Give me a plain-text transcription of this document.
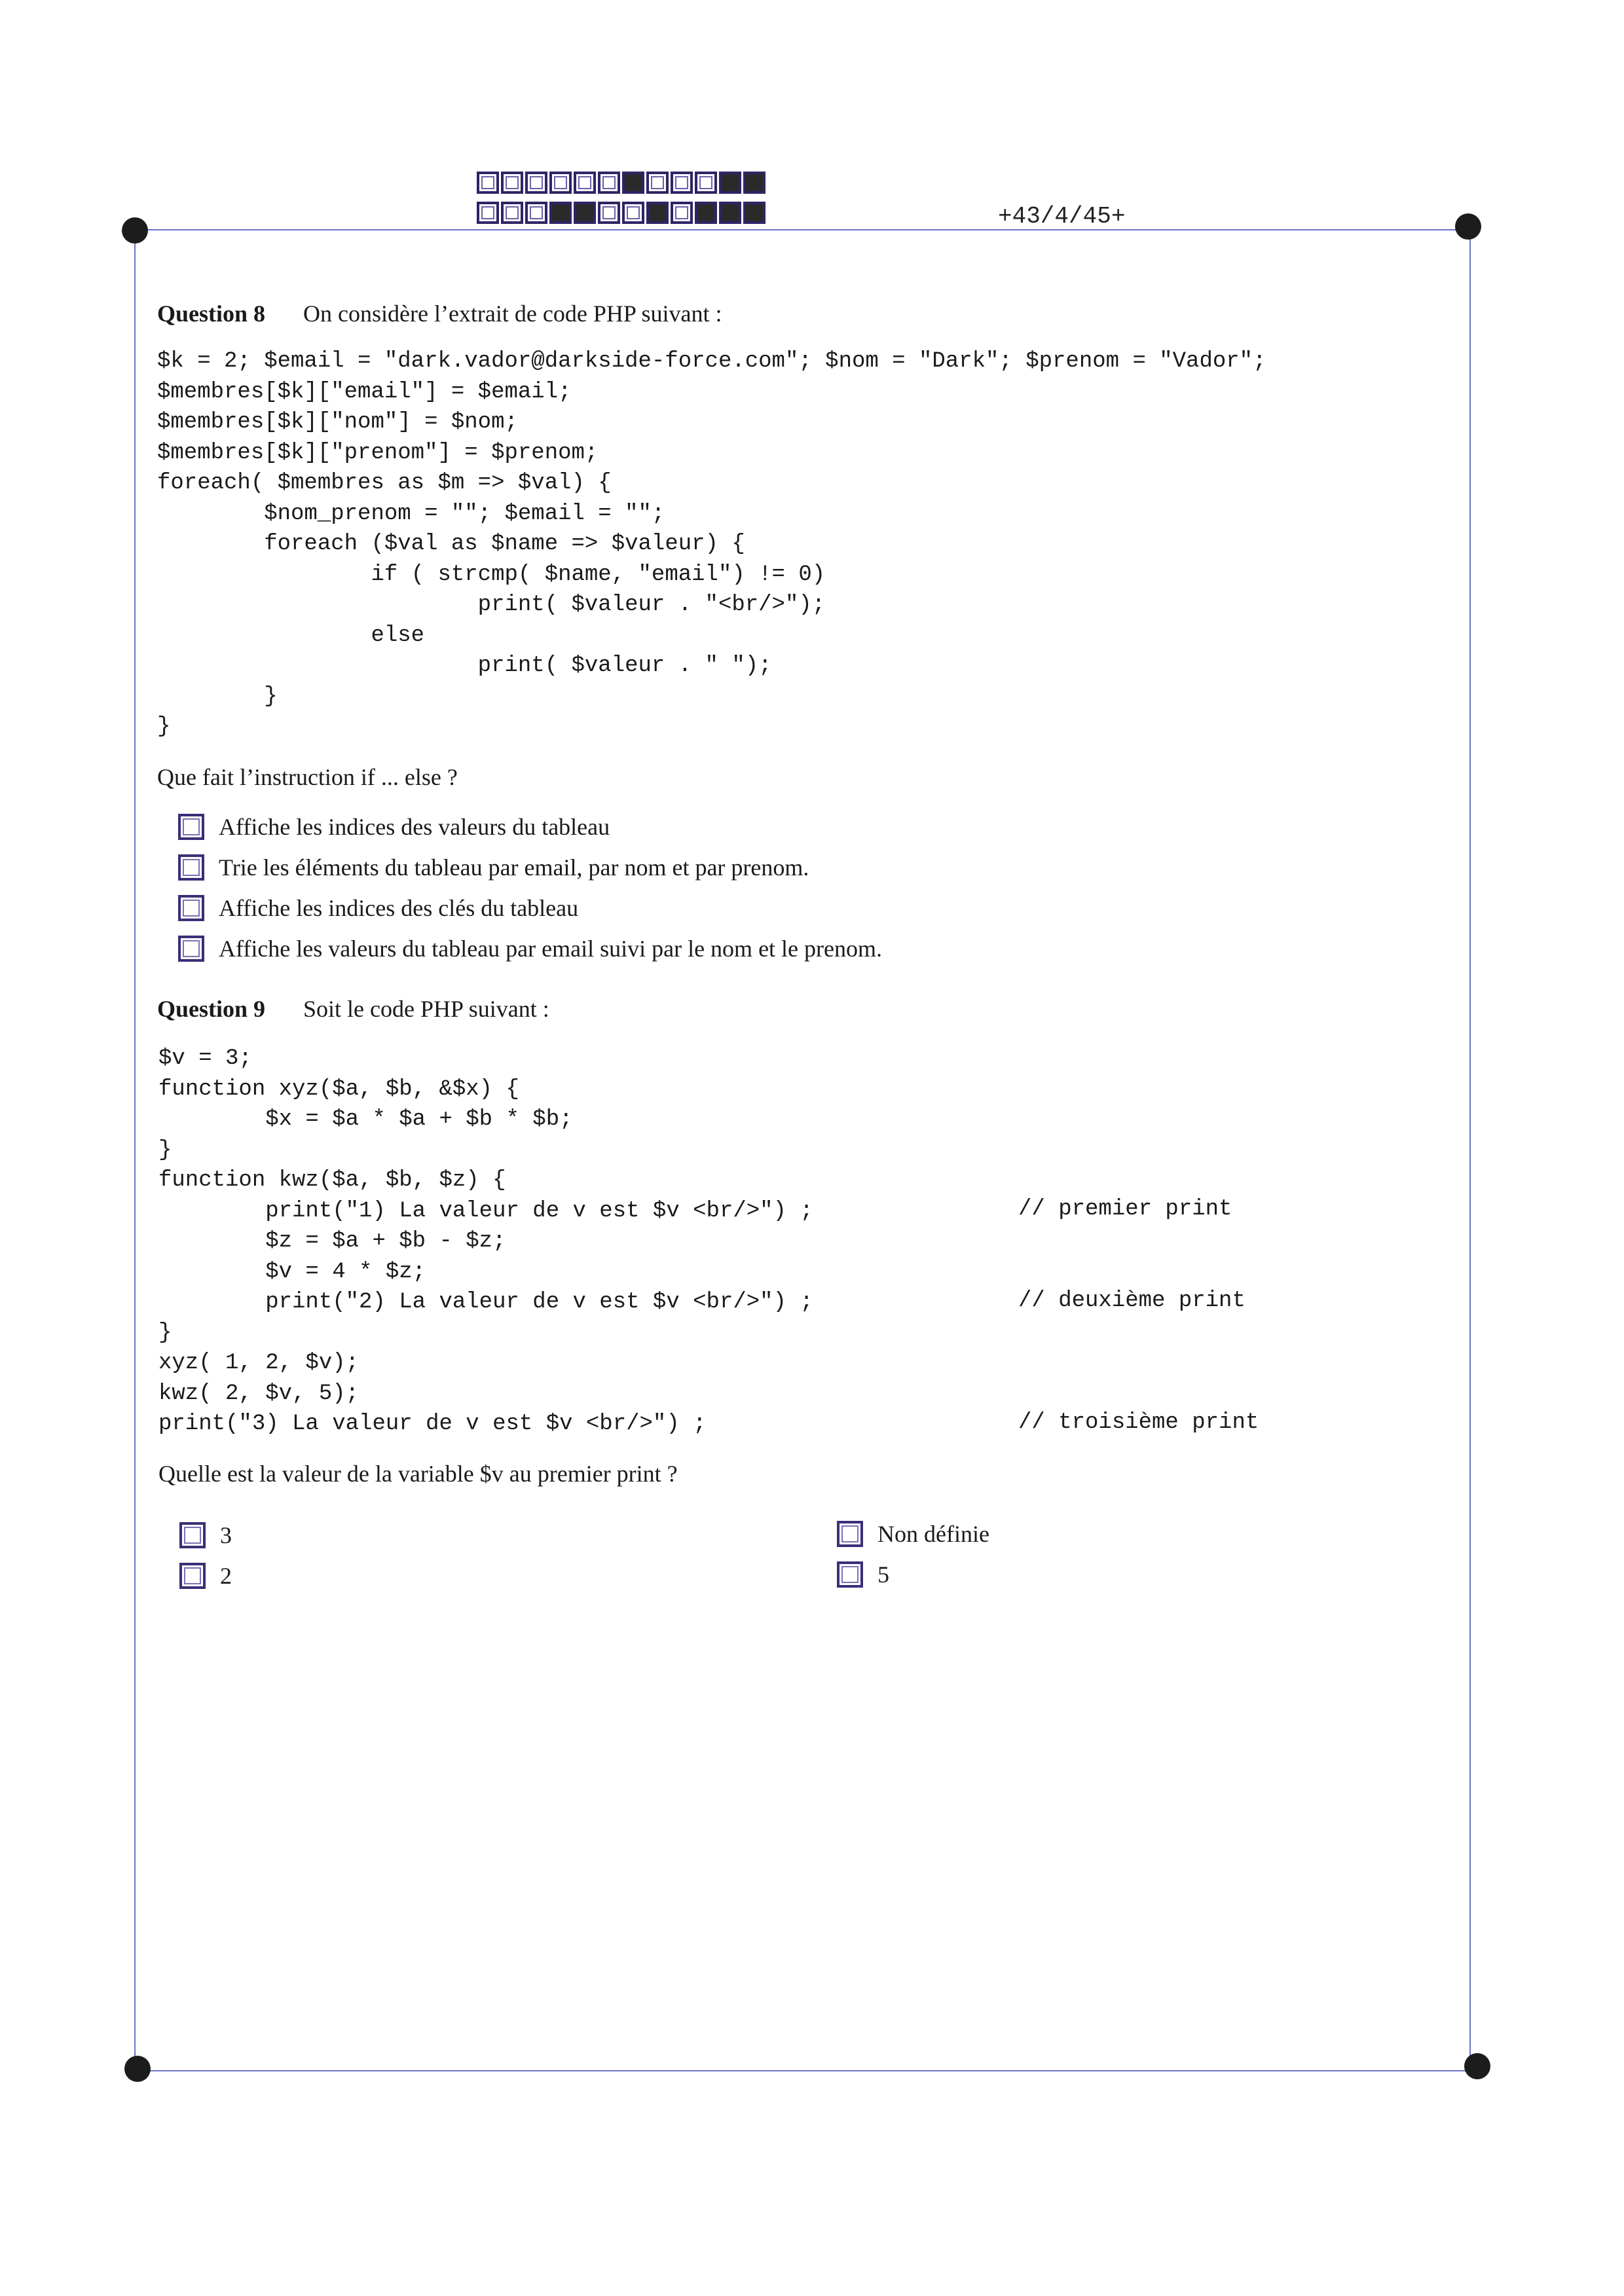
+43/4/45+
Question 8 On considère l’extrait de code PHP suivant :
$k = 2; $email = "dark.vador@darkside-force.com"; $nom = "Dark"; $prenom = "Vador";
$membres[$k]["email"] = $email;
$membres[$k]["nom"] = $nom;
$membres[$k]["prenom"] = $prenom;
foreach( $membres as $m => $val) {
$nom_prenom = ""; $email = "";
foreach ($val as $name => $valeur) {
if ( strcmp( $name, "email") != 0)
print( $valeur . "<br/>");
else
print( $valeur . " ");
}
}
Que fait l’instruction if ... else ?
Affiche les indices des valeurs du tableau
Trie les éléments du tableau par email, par nom et par prenom.
Affiche les indices des clés du tableau
Affiche les valeurs du tableau par email suivi par le nom et le prenom.
Question 9 Soit le code PHP suivant :
$v = 3;
function xyz($a, $b, &$x) {
$x = $a * $a + $b * $b;
}
function kwz($a, $b, $z) {
print("1) La valeur de v est $v <br/>") ;
$z = $a + $b - $z;
$v = 4 * $z;
print("2) La valeur de v est $v <br/>") ;
}
xyz( 1, 2, $v);
kwz( 2, $v, 5);
print("3) La valeur de v est $v <br/>") ;
// premier print
// deuxième print
// troisième print
Quelle est la valeur de la variable $v au premier print ?
3
2
Non définie
5
